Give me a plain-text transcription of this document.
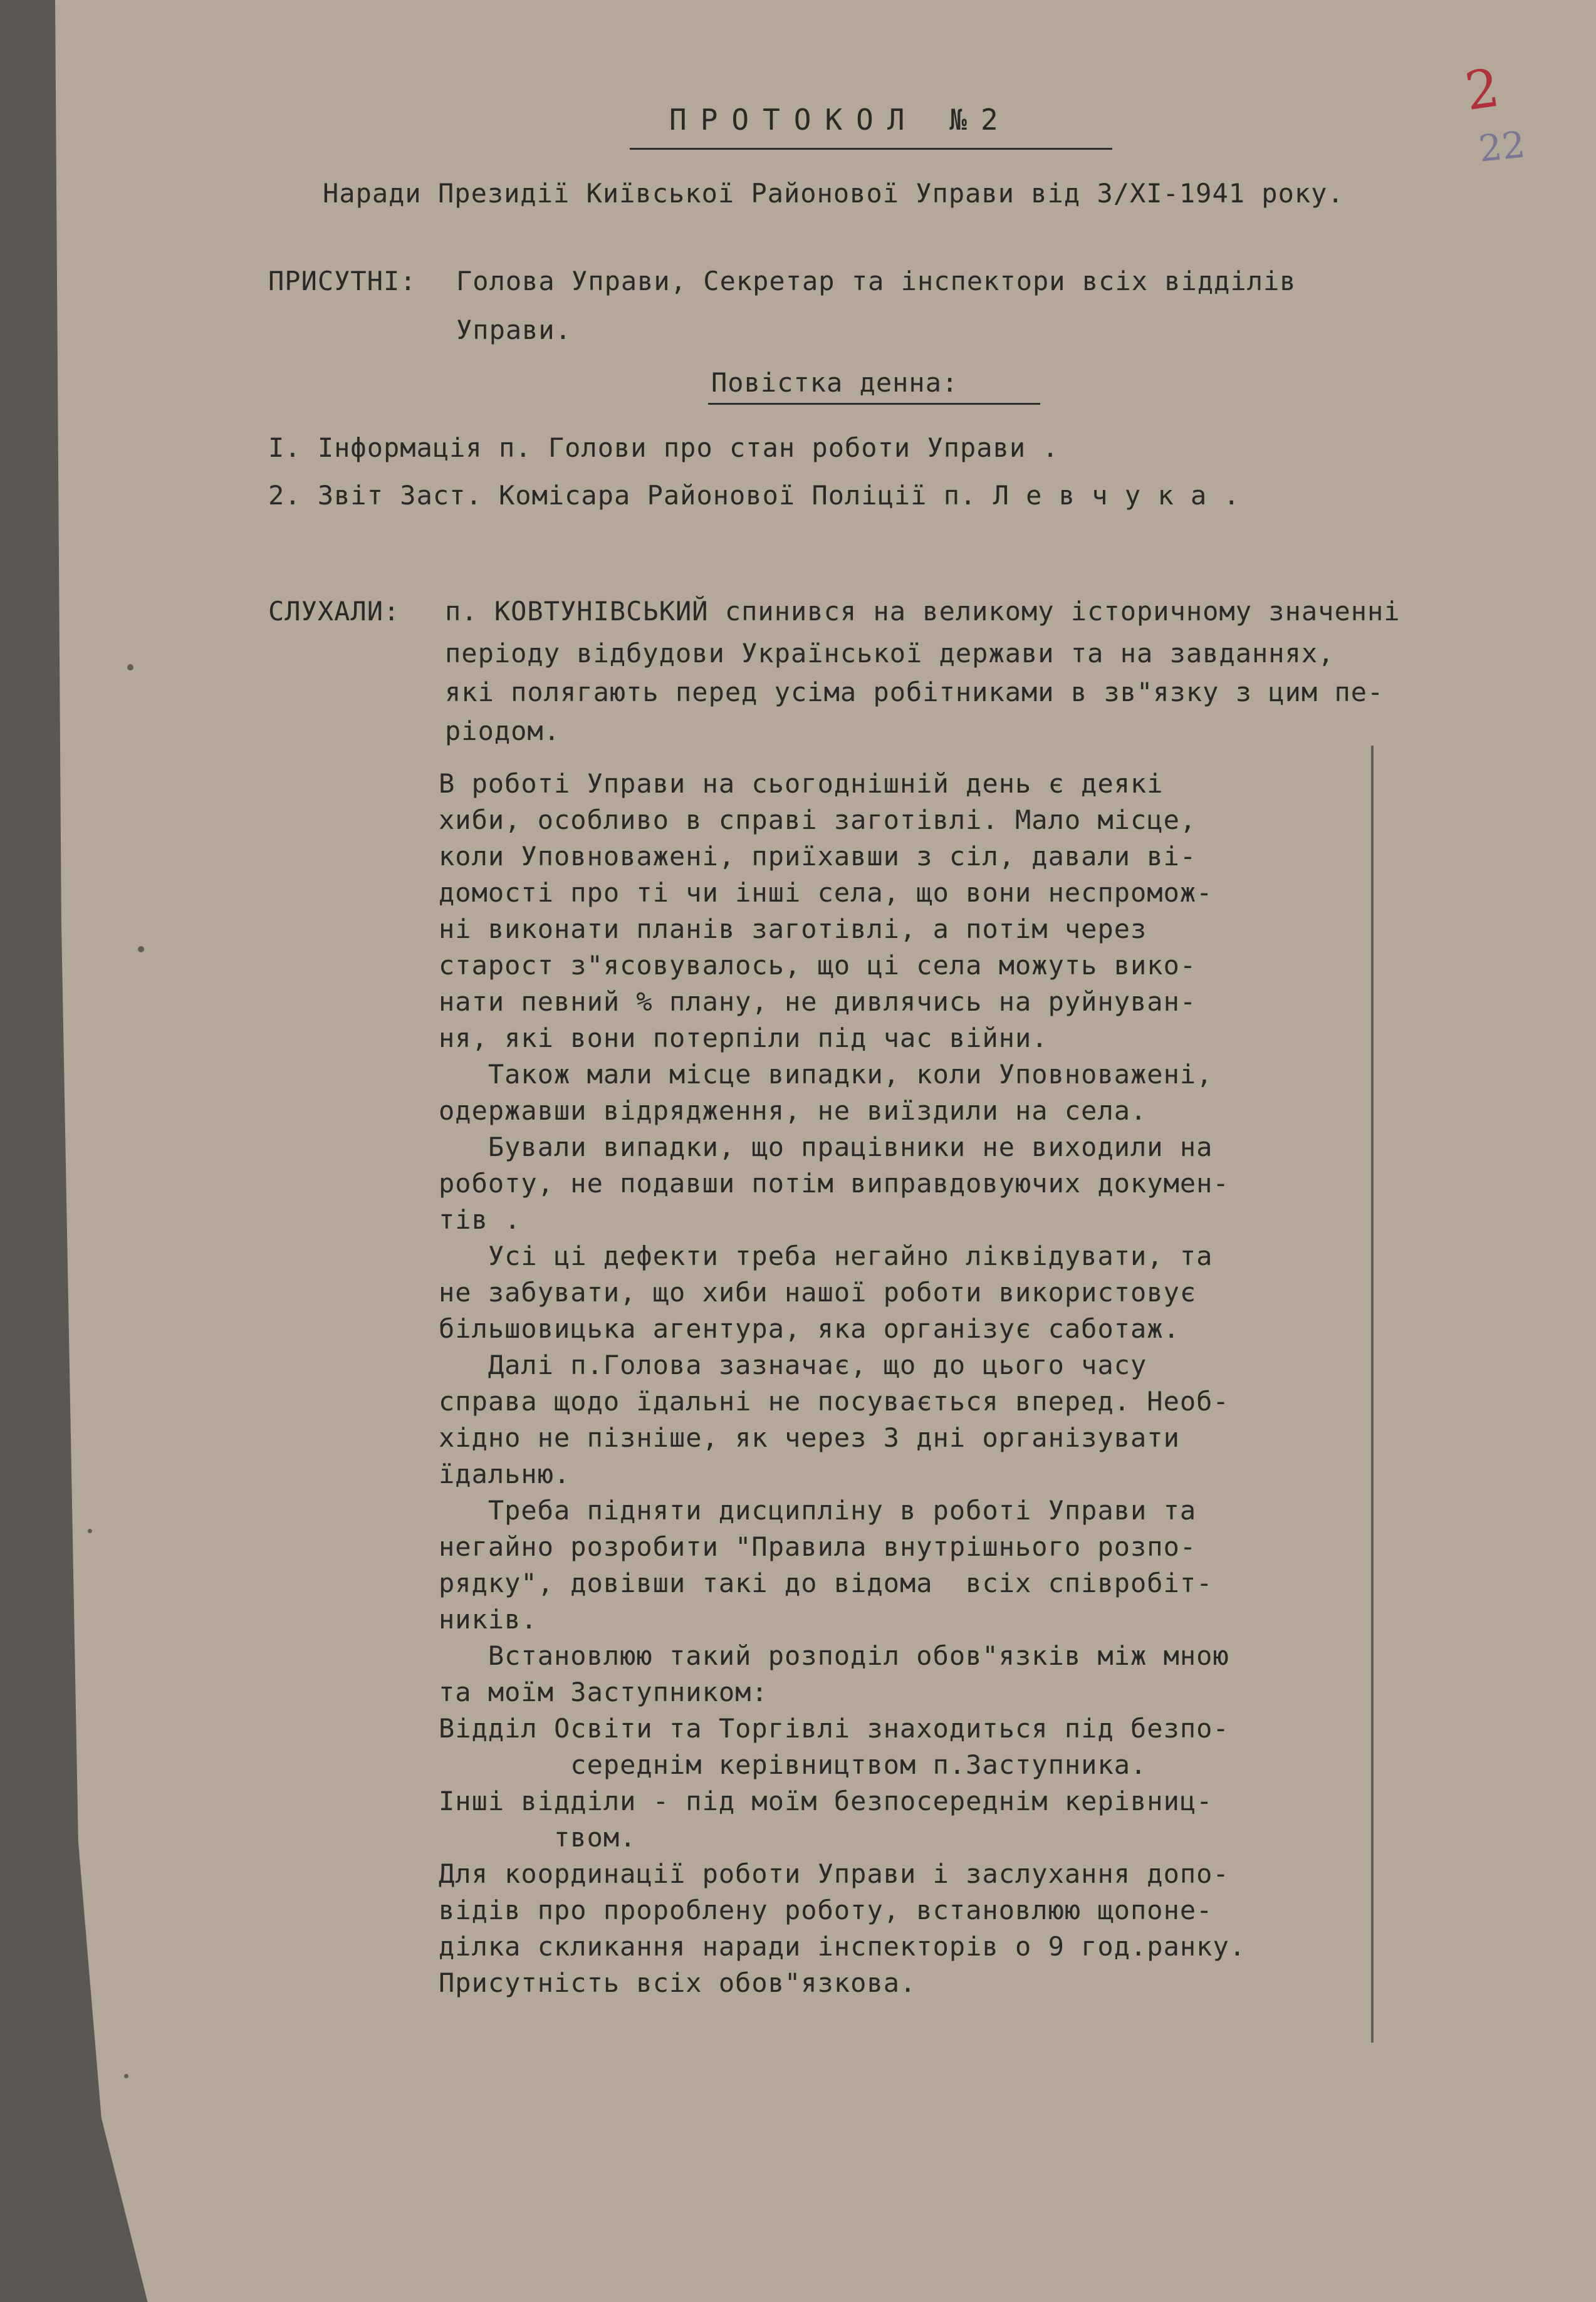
2
22
ПРОТОКОЛ №2
Наради Президії Київської Районової Управи від 3/XI-1941 року.
ПРИСУТНІ: Голова Управи, Секретар та інспектори всіх відділів
Управи.
Повістка денна:
І. Інформація п. Голови про стан роботи Управи .
2. Звіт Заст. Комісара Районової Поліції п. Л е в ч у к а .
СЛУХАЛИ: п. КОВТУНІВСЬКИЙ спинився на великому історичному значенні
періоду відбудови Української держави та на завданнях,
які полягають перед усіма робітниками в зв"язку з цим пе-
ріодом.
В роботі Управи на сьогоднішній день є деякі
хиби, особливо в справі заготівлі. Мало місце,
коли Уповноважені, приїхавши з сіл, давали ві-
домості про ті чи інші села, що вони неспромож-
ні виконати планів заготівлі, а потім через
старост з"ясовувалось, що ці села можуть вико-
нати певний % плану, не дивлячись на руйнуван-
ня, які вони потерпіли під час війни.
Також мали місце випадки, коли Уповноважені,
одержавши відрядження, не виїздили на села.
Бували випадки, що працівники не виходили на
роботу, не подавши потім виправдовуючих докумен-
тів .
Усі ці дефекти треба негайно ліквідувати, та
не забувати, що хиби нашої роботи використовує
більшовицька агентура, яка організує саботаж.
Далі п.Голова зазначає, що до цього часу
справа щодо їдальні не посувається вперед. Необ-
хідно не пізніше, як через 3 дні організувати
їдальню.
Треба підняти дисципліну в роботі Управи та
негайно розробити "Правила внутрішнього розпо-
рядку", довівши такі до відома  всіх співробіт-
ників.
Встановлюю такий розподіл обов"язків між мною
та моїм Заступником:
Відділ Освіти та Торгівлі знаходиться під безпо-
середнім керівництвом п.Заступника.
Інші відділи - під моїм безпосереднім керівниц-
твом.
Для координації роботи Управи і заслухання допо-
відів про пророблену роботу, встановлюю щопоне-
ділка скликання наради інспекторів о 9 год.ранку.
Присутність всіх обов"язкова.
